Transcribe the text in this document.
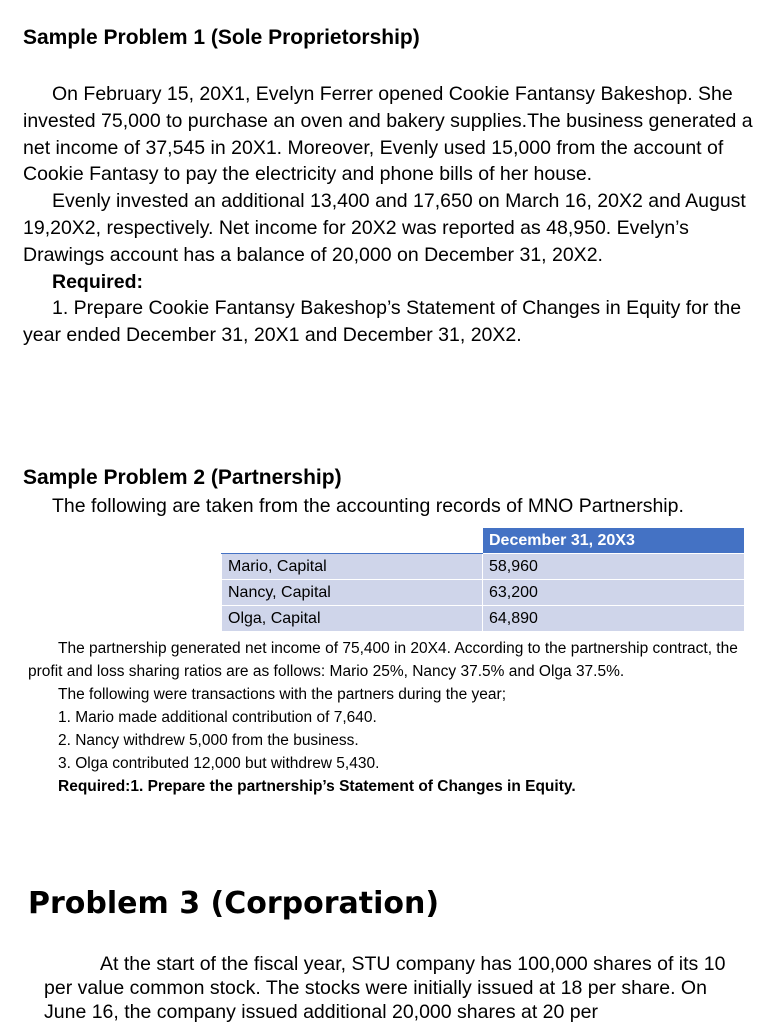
Sample Problem 1 (Sole Proprietorship)

On February 15, 20X1, Evelyn Ferrer opened Cookie Fantansy Bakeshop. She invested 75,000 to purchase an oven and bakery supplies.The business generated a net income of 37,545 in 20X1. Moreover, Evenly used 15,000 from the account of Cookie Fantasy to pay the electricity and phone bills of her house.

Evenly invested an additional 13,400 and 17,650 on March 16, 20X2 and August 19,20X2, respectively. Net income for 20X2 was reported as 48,950. Evelyn’s Drawings account has a balance of 20,000 on December 31, 20X2.

Required:

1. Prepare Cookie Fantansy Bakeshop’s Statement of Changes in Equity for the year ended December 31, 20X1 and December 31, 20X2.

Sample Problem 2 (Partnership)

The following are taken from the accounting records of MNO Partnership.

	December 31, 20X3
Mario, Capital	58,960
Nancy, Capital	63,200
Olga, Capital	64,890

The partnership generated net income of 75,400 in 20X4. According to the partnership contract, the profit and loss sharing ratios are as follows: Mario 25%, Nancy 37.5% and Olga 37.5%.

The following were transactions with the partners during the year;

1. Mario made additional contribution of 7,640.

2. Nancy withdrew 5,000 from the business.

3. Olga contributed 12,000 but withdrew 5,430.

Required:1. Prepare the partnership’s Statement of Changes in Equity.

Problem 3 (Corporation)

At the start of the fiscal year, STU company has 100,000 shares of its 10 per value common stock. The stocks were initially issued at 18 per share. On June 16, the company issued additional 20,000 shares at 20 per
